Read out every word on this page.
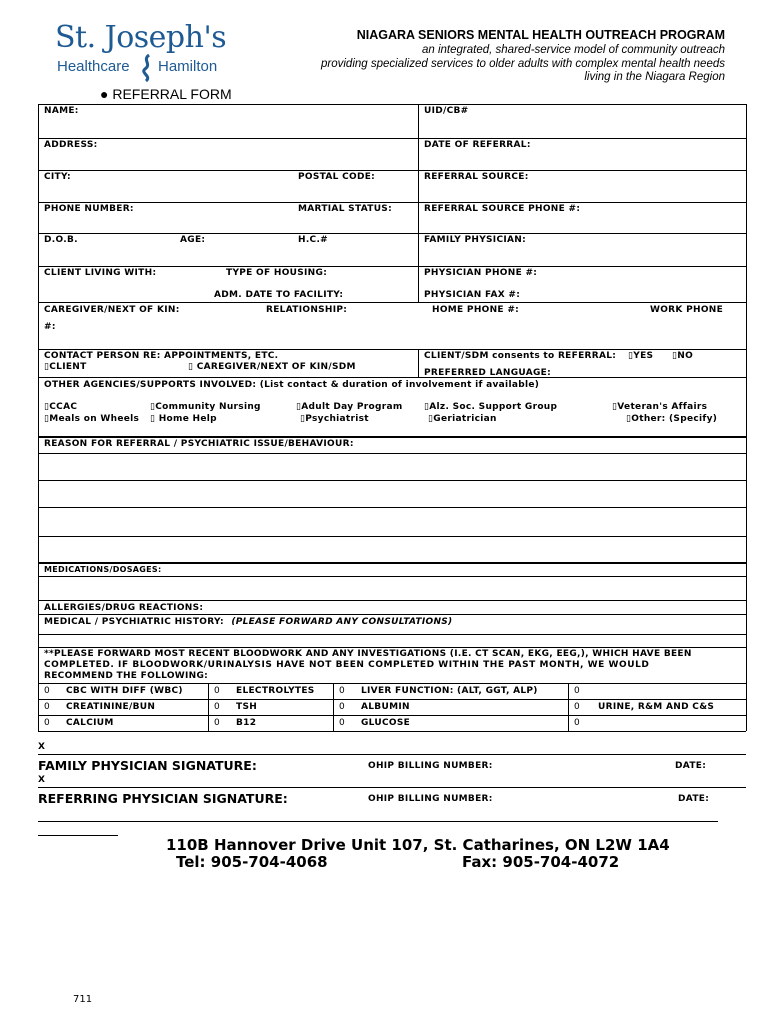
St. Joseph's
Healthcare Hamilton
NIAGARA SENIORS MENTAL HEALTH OUTREACH PROGRAM
an integrated, shared-service model of community outreach
providing specialized services to older adults with complex mental health needs
living in the Niagara Region
● REFERRAL FORM
NAME:	UID/CB#
ADDRESS:	DATE OF REFERRAL:
CITY:	POSTAL CODE:	REFERRAL SOURCE:
PHONE NUMBER:	MARTIAL STATUS:	REFERRAL SOURCE PHONE #:
D.O.B.	AGE:	H.C.#	FAMILY PHYSICIAN:
CLIENT LIVING WITH:	TYPE OF HOUSING:	PHYSICIAN PHONE #:
ADM. DATE TO FACILITY:	PHYSICIAN FAX #:
CAREGIVER/NEXT OF KIN:	RELATIONSHIP:	HOME PHONE #:	WORK PHONE
#:
CONTACT PERSON RE: APPOINTMENTS, ETC.
▯CLIENT	▯ CAREGIVER/NEXT OF KIN/SDM
CLIENT/SDM consents to REFERRAL: ▯YES ▯NO
PREFERRED LANGUAGE:
OTHER AGENCIES/SUPPORTS INVOLVED: (List contact & duration of involvement if available)
▯CCAC	▯Community Nursing	▯Adult Day Program ▯Alz. Soc. Support Group	▯Veteran's Affairs
▯Meals on Wheels ▯ Home Help	▯Psychiatrist	▯Geriatrician	▯Other: (Specify)
REASON FOR REFERRAL / PSYCHIATRIC ISSUE/BEHAVIOUR:
MEDICATIONS/DOSAGES:
ALLERGIES/DRUG REACTIONS:
MEDICAL / PSYCHIATRIC HISTORY: (PLEASE FORWARD ANY CONSULTATIONS)
**PLEASE FORWARD MOST RECENT BLOODWORK AND ANY INVESTIGATIONS (I.E. CT SCAN, EKG, EEG,), WHICH HAVE BEEN
COMPLETED. IF BLOODWORK/URINALYSIS HAVE NOT BEEN COMPLETED WITHIN THE PAST MONTH, WE WOULD
RECOMMEND THE FOLLOWING:
0 CBC WITH DIFF (WBC)	0 ELECTROLYTES	0 LIVER FUNCTION: (ALT, GGT, ALP)	0
0 CREATININE/BUN	0 TSH	0 ALBUMIN	0 URINE, R&M AND C&S
0 CALCIUM	0 B12	0 GLUCOSE	0
X
FAMILY PHYSICIAN SIGNATURE:	OHIP BILLING NUMBER:	DATE:
X
REFERRING PHYSICIAN SIGNATURE:	OHIP BILLING NUMBER:	DATE:
110B Hannover Drive Unit 107, St. Catharines, ON L2W 1A4
Tel: 905-704-4068	Fax: 905-704-4072
711
